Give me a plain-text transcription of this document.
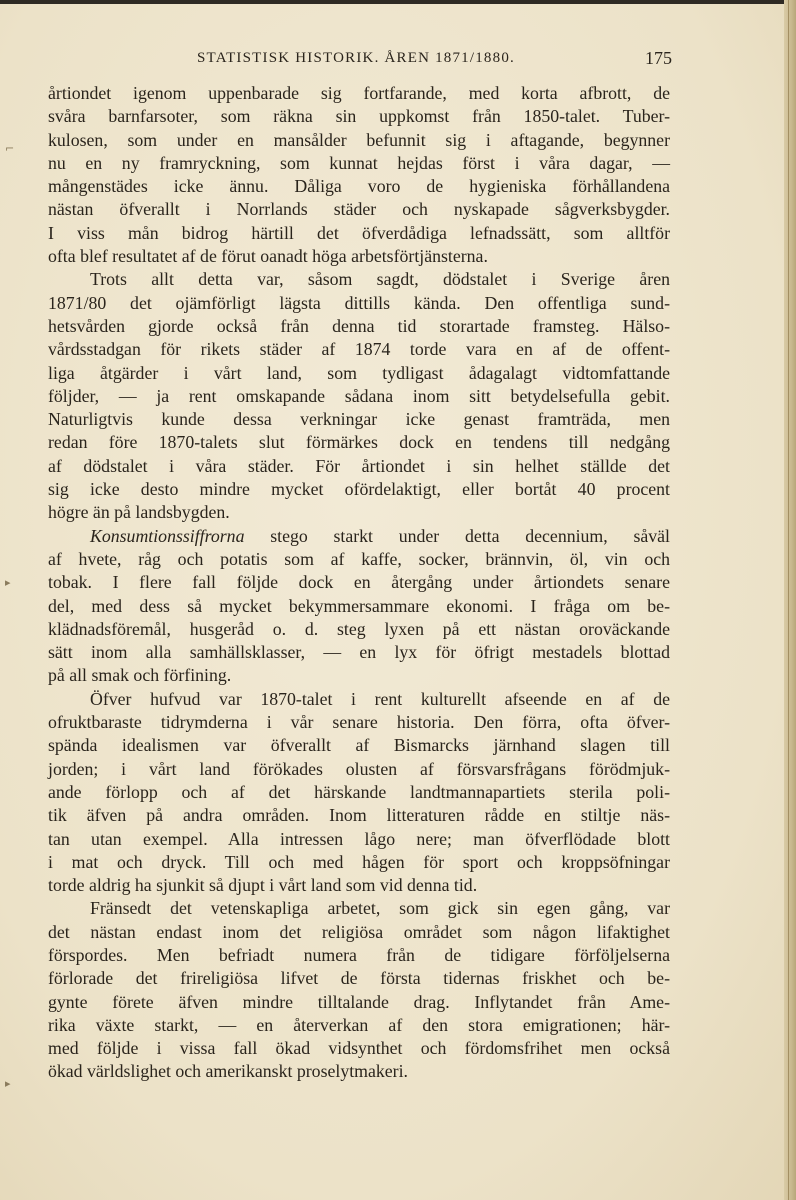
STATISTISK HISTORIK. ÅREN 1871/1880.	175
⌐
▸
▸
årtiondet igenom uppenbarade sig fortfarande, med korta afbrott, de
svåra barnfarsoter, som räkna sin uppkomst från 1850-talet. Tuber-
kulosen, som under en mansålder befunnit sig i aftagande, begynner
nu en ny framryckning, som kunnat hejdas först i våra dagar, —
mångenstädes icke ännu. Dåliga voro de hygieniska förhållandena
nästan öfverallt i Norrlands städer och nyskapade sågverksbygder.
I viss mån bidrog härtill det öfverdådiga lefnadssätt, som alltför
ofta blef resultatet af de förut oanadt höga arbetsförtjänsterna.
Trots allt detta var, såsom sagdt, dödstalet i Sverige åren
1871/80 det ojämförligt lägsta dittills kända. Den offentliga sund-
hetsvården gjorde också från denna tid storartade framsteg. Hälso-
vårdsstadgan för rikets städer af 1874 torde vara en af de offent-
liga åtgärder i vårt land, som tydligast ådagalagt vidtomfattande
följder, — ja rent omskapande sådana inom sitt betydelsefulla gebit.
Naturligtvis kunde dessa verkningar icke genast framträda, men
redan före 1870-talets slut förmärkes dock en tendens till nedgång
af dödstalet i våra städer. För årtiondet i sin helhet ställde det
sig icke desto mindre mycket ofördelaktigt, eller bortåt 40 procent
högre än på landsbygden.
Konsumtionssiffrorna stego starkt under detta decennium, såväl
af hvete, råg och potatis som af kaffe, socker, brännvin, öl, vin och
tobak. I flere fall följde dock en återgång under årtiondets senare
del, med dess så mycket bekymmersammare ekonomi. I fråga om be-
klädnadsföremål, husgeråd o. d. steg lyxen på ett nästan oroväckande
sätt inom alla samhällsklasser, — en lyx för öfrigt mestadels blottad
på all smak och förfining.
Öfver hufvud var 1870-talet i rent kulturellt afseende en af de
ofruktbaraste tidrymderna i vår senare historia. Den förra, ofta öfver-
spända idealismen var öfverallt af Bismarcks järnhand slagen till
jorden; i vårt land förökades olusten af försvarsfrågans förödmjuk-
ande förlopp och af det härskande landtmannapartiets sterila poli-
tik äfven på andra områden. Inom litteraturen rådde en stiltje näs-
tan utan exempel. Alla intressen lågo nere; man öfverflödade blott
i mat och dryck. Till och med hågen för sport och kroppsöfningar
torde aldrig ha sjunkit så djupt i vårt land som vid denna tid.
Fränsedt det vetenskapliga arbetet, som gick sin egen gång, var
det nästan endast inom det religiösa området som någon lifaktighet
förspordes. Men befriadt numera från de tidigare förföljelserna
förlorade det frireligiösa lifvet de första tidernas friskhet och be-
gynte förete äfven mindre tilltalande drag. Inflytandet från Ame-
rika växte starkt, — en återverkan af den stora emigrationen; här-
med följde i vissa fall ökad vidsynthet och fördomsfrihet men också
ökad världslighet och amerikanskt proselytmakeri.
